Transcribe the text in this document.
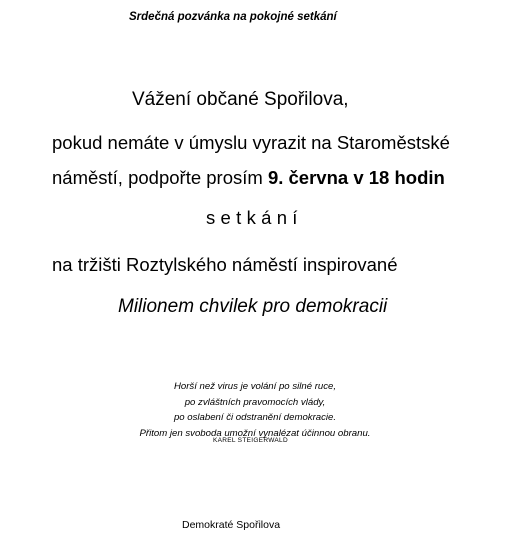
Srdečná pozvánka na pokojné setkání

Vážení občané Spořilova,

pokud nemáte v úmyslu vyrazit na Staroměstské

náměstí, podpořte prosím 9. června v 18 hodin

setkání

na tržišti Roztylského náměstí inspirované

Milionem chvilek pro demokracii

Horší než virus je volání po silné ruce,
po zvláštních pravomocích vlády,
po oslabení či odstranění demokracie.
Přitom jen svoboda umožní vynalézat účinnou obranu.

KAREL STEIGERWALD

Demokraté Spořilova
